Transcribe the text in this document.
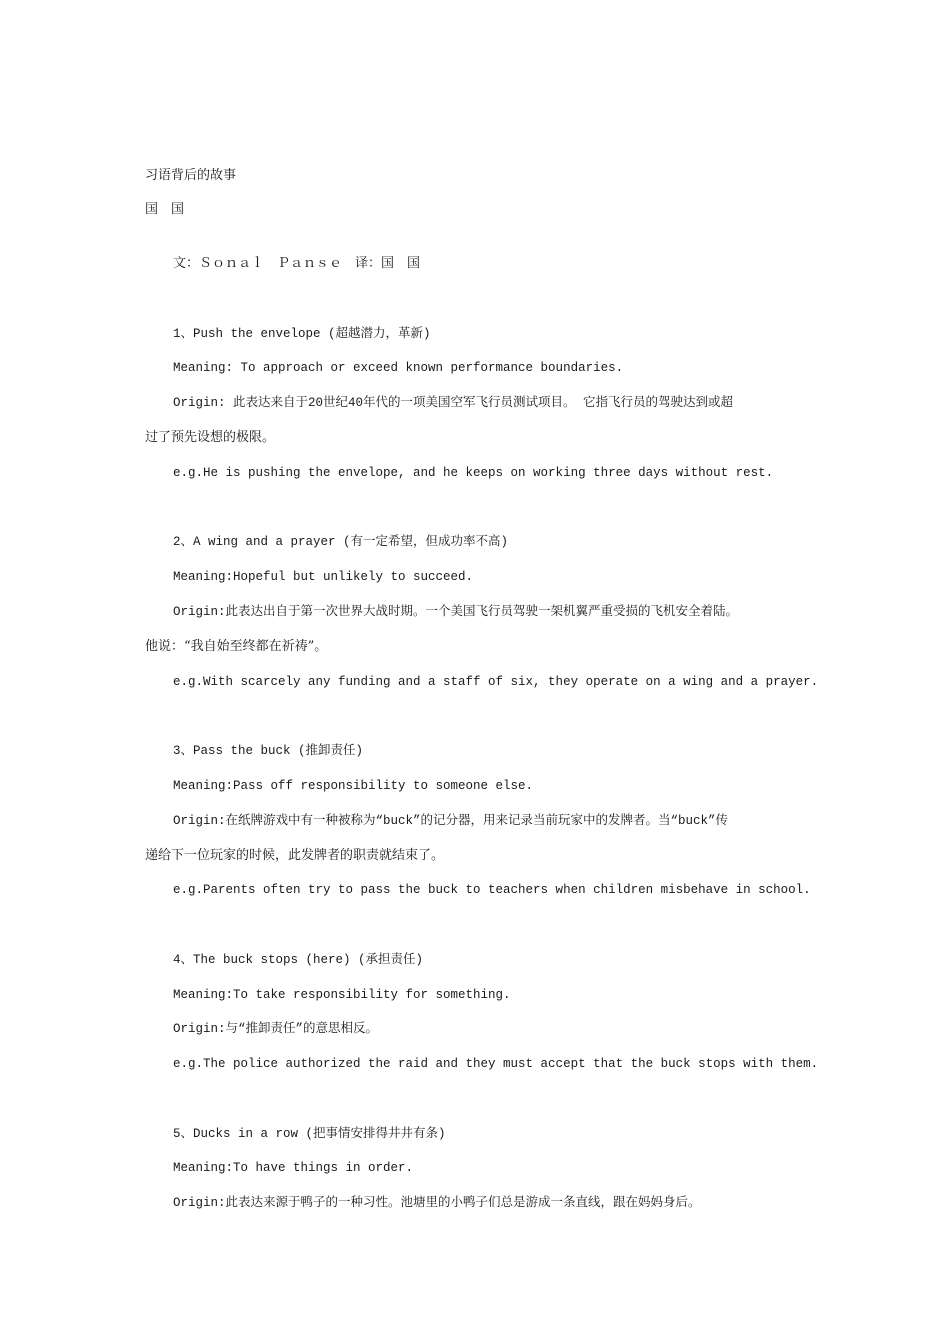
习语背后的故事
国　国
文：Ｓｏｎａｌ　Ｐａｎｓｅ　译：国　国
1、Push the envelope (超越潜力，革新)
Meaning: To approach or exceed known performance boundaries.
Origin: 此表达来自于20世纪40年代的一项美国空军飞行员测试项目。 它指飞行员的驾驶达到或超
过了预先设想的极限。
e.g.He is pushing the envelope, and he keeps on working three days without rest.
2、A wing and a prayer (有一定希望，但成功率不高)
Meaning:Hopeful but unlikely to succeed.
Origin:此表达出自于第一次世界大战时期。一个美国飞行员驾驶一架机翼严重受损的飞机安全着陆。
他说：“我自始至终都在祈祷”。
e.g.With scarcely any funding and a staff of six, they operate on a wing and a prayer.
3、Pass the buck (推卸责任)
Meaning:Pass off responsibility to someone else.
Origin:在纸牌游戏中有一种被称为“buck”的记分器，用来记录当前玩家中的发牌者。当“buck”传
递给下一位玩家的时候，此发牌者的职责就结束了。
e.g.Parents often try to pass the buck to teachers when children misbehave in school.
4、The buck stops (here) (承担责任)
Meaning:To take responsibility for something.
Origin:与“推卸责任”的意思相反。
e.g.The police authorized the raid and they must accept that the buck stops with them.
5、Ducks in a row (把事情安排得井井有条)
Meaning:To have things in order.
Origin:此表达来源于鸭子的一种习性。池塘里的小鸭子们总是游成一条直线，跟在妈妈身后。
